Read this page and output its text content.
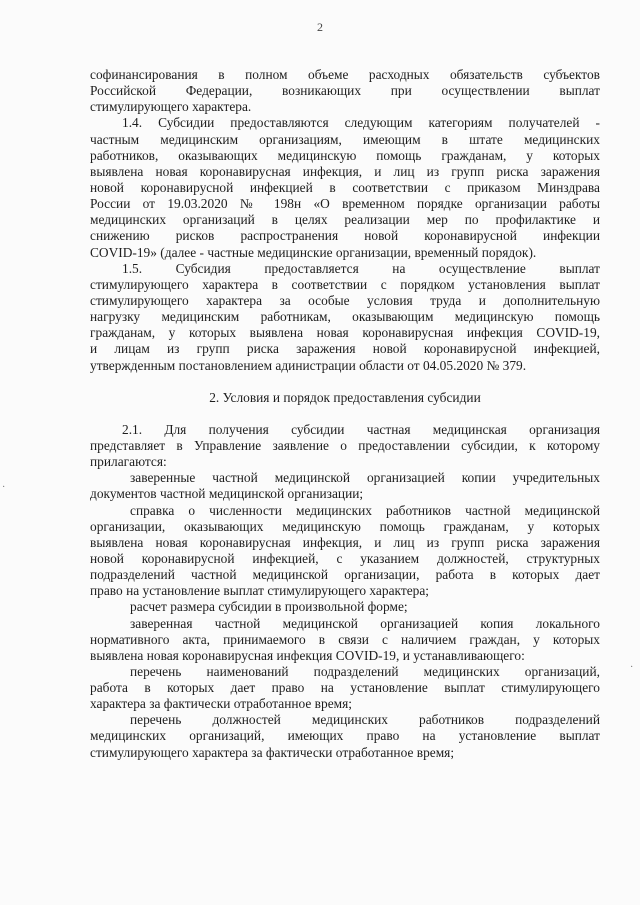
2
·
·
софинансирования в полном объеме расходных обязательств субъектов
Российской Федерации, возникающих при осуществлении выплат
стимулирующего характера.
1.4. Субсидии предоставляются следующим категориям получателей -
частным медицинским организациям, имеющим в штате медицинских
работников, оказывающих медицинскую помощь гражданам, у которых
выявлена новая коронавирусная инфекция, и лиц из групп риска заражения
новой коронавирусной инфекцией в соответствии с приказом Минздрава
России от 19.03.2020 № 198н «О временном порядке организации работы
медицинских организаций в целях реализации мер по профилактике и
снижению рисков распространения новой коронавирусной инфекции
COVID-19» (далее - частные медицинские организации, временный порядок).
1.5. Субсидия предоставляется на осуществление выплат
стимулирующего характера в соответствии с порядком установления выплат
стимулирующего характера за особые условия труда и дополнительную
нагрузку медицинским работникам, оказывающим медицинскую помощь
гражданам, у которых выявлена новая коронавирусная инфекция COVID-19,
и лицам из групп риска заражения новой коронавирусной инфекцией,
утвержденным постановлением адинистрации области от 04.05.2020 № 379.
2. Условия и порядок предоставления субсидии
2.1. Для получения субсидии частная медицинская организация
представляет в Управление заявление о предоставлении субсидии, к которому
прилагаются:
заверенные частной медицинской организацией копии учредительных
документов частной медицинской организации;
справка о численности медицинских работников частной медицинской
организации, оказывающих медицинскую помощь гражданам, у которых
выявлена новая коронавирусная инфекция, и лиц из групп риска заражения
новой коронавирусной инфекцией, с указанием должностей, структурных
подразделений частной медицинской организации, работа в которых дает
право на установление выплат стимулирующего характера;
расчет размера субсидии в произвольной форме;
заверенная частной медицинской организацией копия локального
нормативного акта, принимаемого в связи с наличием граждан, у которых
выявлена новая коронавирусная инфекция COVID-19, и устанавливающего:
перечень наименований подразделений медицинских организаций,
работа в которых дает право на установление выплат стимулирующего
характера за фактически отработанное время;
перечень должностей медицинских работников подразделений
медицинских организаций, имеющих право на установление выплат
стимулирующего характера за фактически отработанное время;
